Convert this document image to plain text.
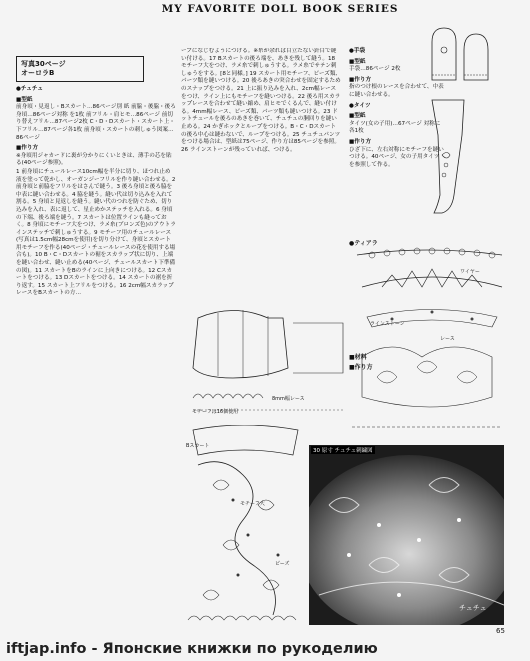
MY FAVORITE DOLL BOOK SERIES
写真30ページ
オーロラB
●チュチュ
■型紙

前身頃・見返し・Bスカート…86ページ別 紙 前脇・後脇・後ろ身頃…86ページ対称 を1枚 前フリル・肩ヒモ…86ページ 前切り替えフリル…87ページ2枚 C・D・Dスカート・スカート上・下フリル…87ページ各1枚 前身頃・スカートの刺しゅう図案…86ページ

■作り方

※身頃用ジャカードに裏が分かりにくいときは、薄手の芯を貼る(40ページ参照)。

1 前身頃にチュールレース10cm幅を半分に切り、ほつれ止め液を塗って乾かし、オーガンジーフリルを作り縫い合わせる。2 前身頃と前脇をフリルをはさんで縫う。3 後ろ身頃と後ろ脇を中表に縫い合わせる。4 脇を縫う。縫い代は切り込みを入れて割る。5 身頃と見返しを縫う。縫い代のつれを防ぐため、切り込みを入れ、表に返して、星止めかステッチを入れる。6 身頃の下端、後ろ端を縫う。7 スカートは位置ラインも縫っておく。8 身頃にモチーフ大をつけ、ラメ糸(ブロンズ色)のアウトラインステッチで刺しゅうする。9 モチーフ用のチュールレース(写真は1.5cm幅28cmを使用)を切り分けて、身頃とスカート用モチーフを作る(40ページ・チュールレースの花を使用する場合も)。10 B・C・Dスカートの裾をスカラップ状に切り、上端を縫い合わせ、縫い止める(40ページ、チュールスカート下準備の図)。11 スカートをBのラインに上向きにつける。12 Cスカートをつける。13 Dスカートをつける。14 スカートの裾を折り返す。15 スカート上フリルをつける。16 2cm幅スカラップレースをBスカートの方…

ープになじむようにつける。※糸が余れば目立たない針目で縫い付ける。17 Bスカートの後ろ端を、あきを残して縫う。18 モチーフ大をつけ、ラメ糸で刺しゅうする。ラメ糸でサテン刺しゅうをする。[8と同様。] 19 スカート用モチーフ、ビーズ類、パーツ類を縫いつける。20 後ろあきの突合わせを固定するためのスナップをつける。21 上に振り込みを入れ、2cm幅レースをつけ、ライン上にもモチーフを縫いつける。22 後ろ用スカラップレースを合わせて縫い縮め、肩ヒモでくるんで、縫い付ける。4mm幅レース、ビーズ類、パーツ類も縫いつける。23 ドットチュールを後ろのあきを巻いて、チュチュの胴回りを縫い止める。24 かぎホックとループをつける。B・C・Dスカートの後ろ中心は縫わないで、ループをつける。25 チュチュパンツをつける場合は、型紙は75ページ、作り方は85ページを参照。26 ラインストーンが残っていれば、つける。

●手袋
■型紙

手袋…86ページ 2枚

■作り方

指のつけ根のレースを合わせて、中表に縫い合わせる。

●タイツ
■型紙

タイツ(女の子用)…67ページ 対称に各1枚

■作り方

ひざ下に、左右対称にモチーフを縫いつける。40ページ、女の子用タイツを参照して作る。

●ティアラ
ワイヤー
ラインストーン
レース
■材料
■作り方
モチーフは16個使用
8mm幅レース
Bスカート
モチーフ大
ビーズ
チュチュ
30 原寸 チュチュ刺繍図
65
iftjap.info - Японские книжки по рукоделию
